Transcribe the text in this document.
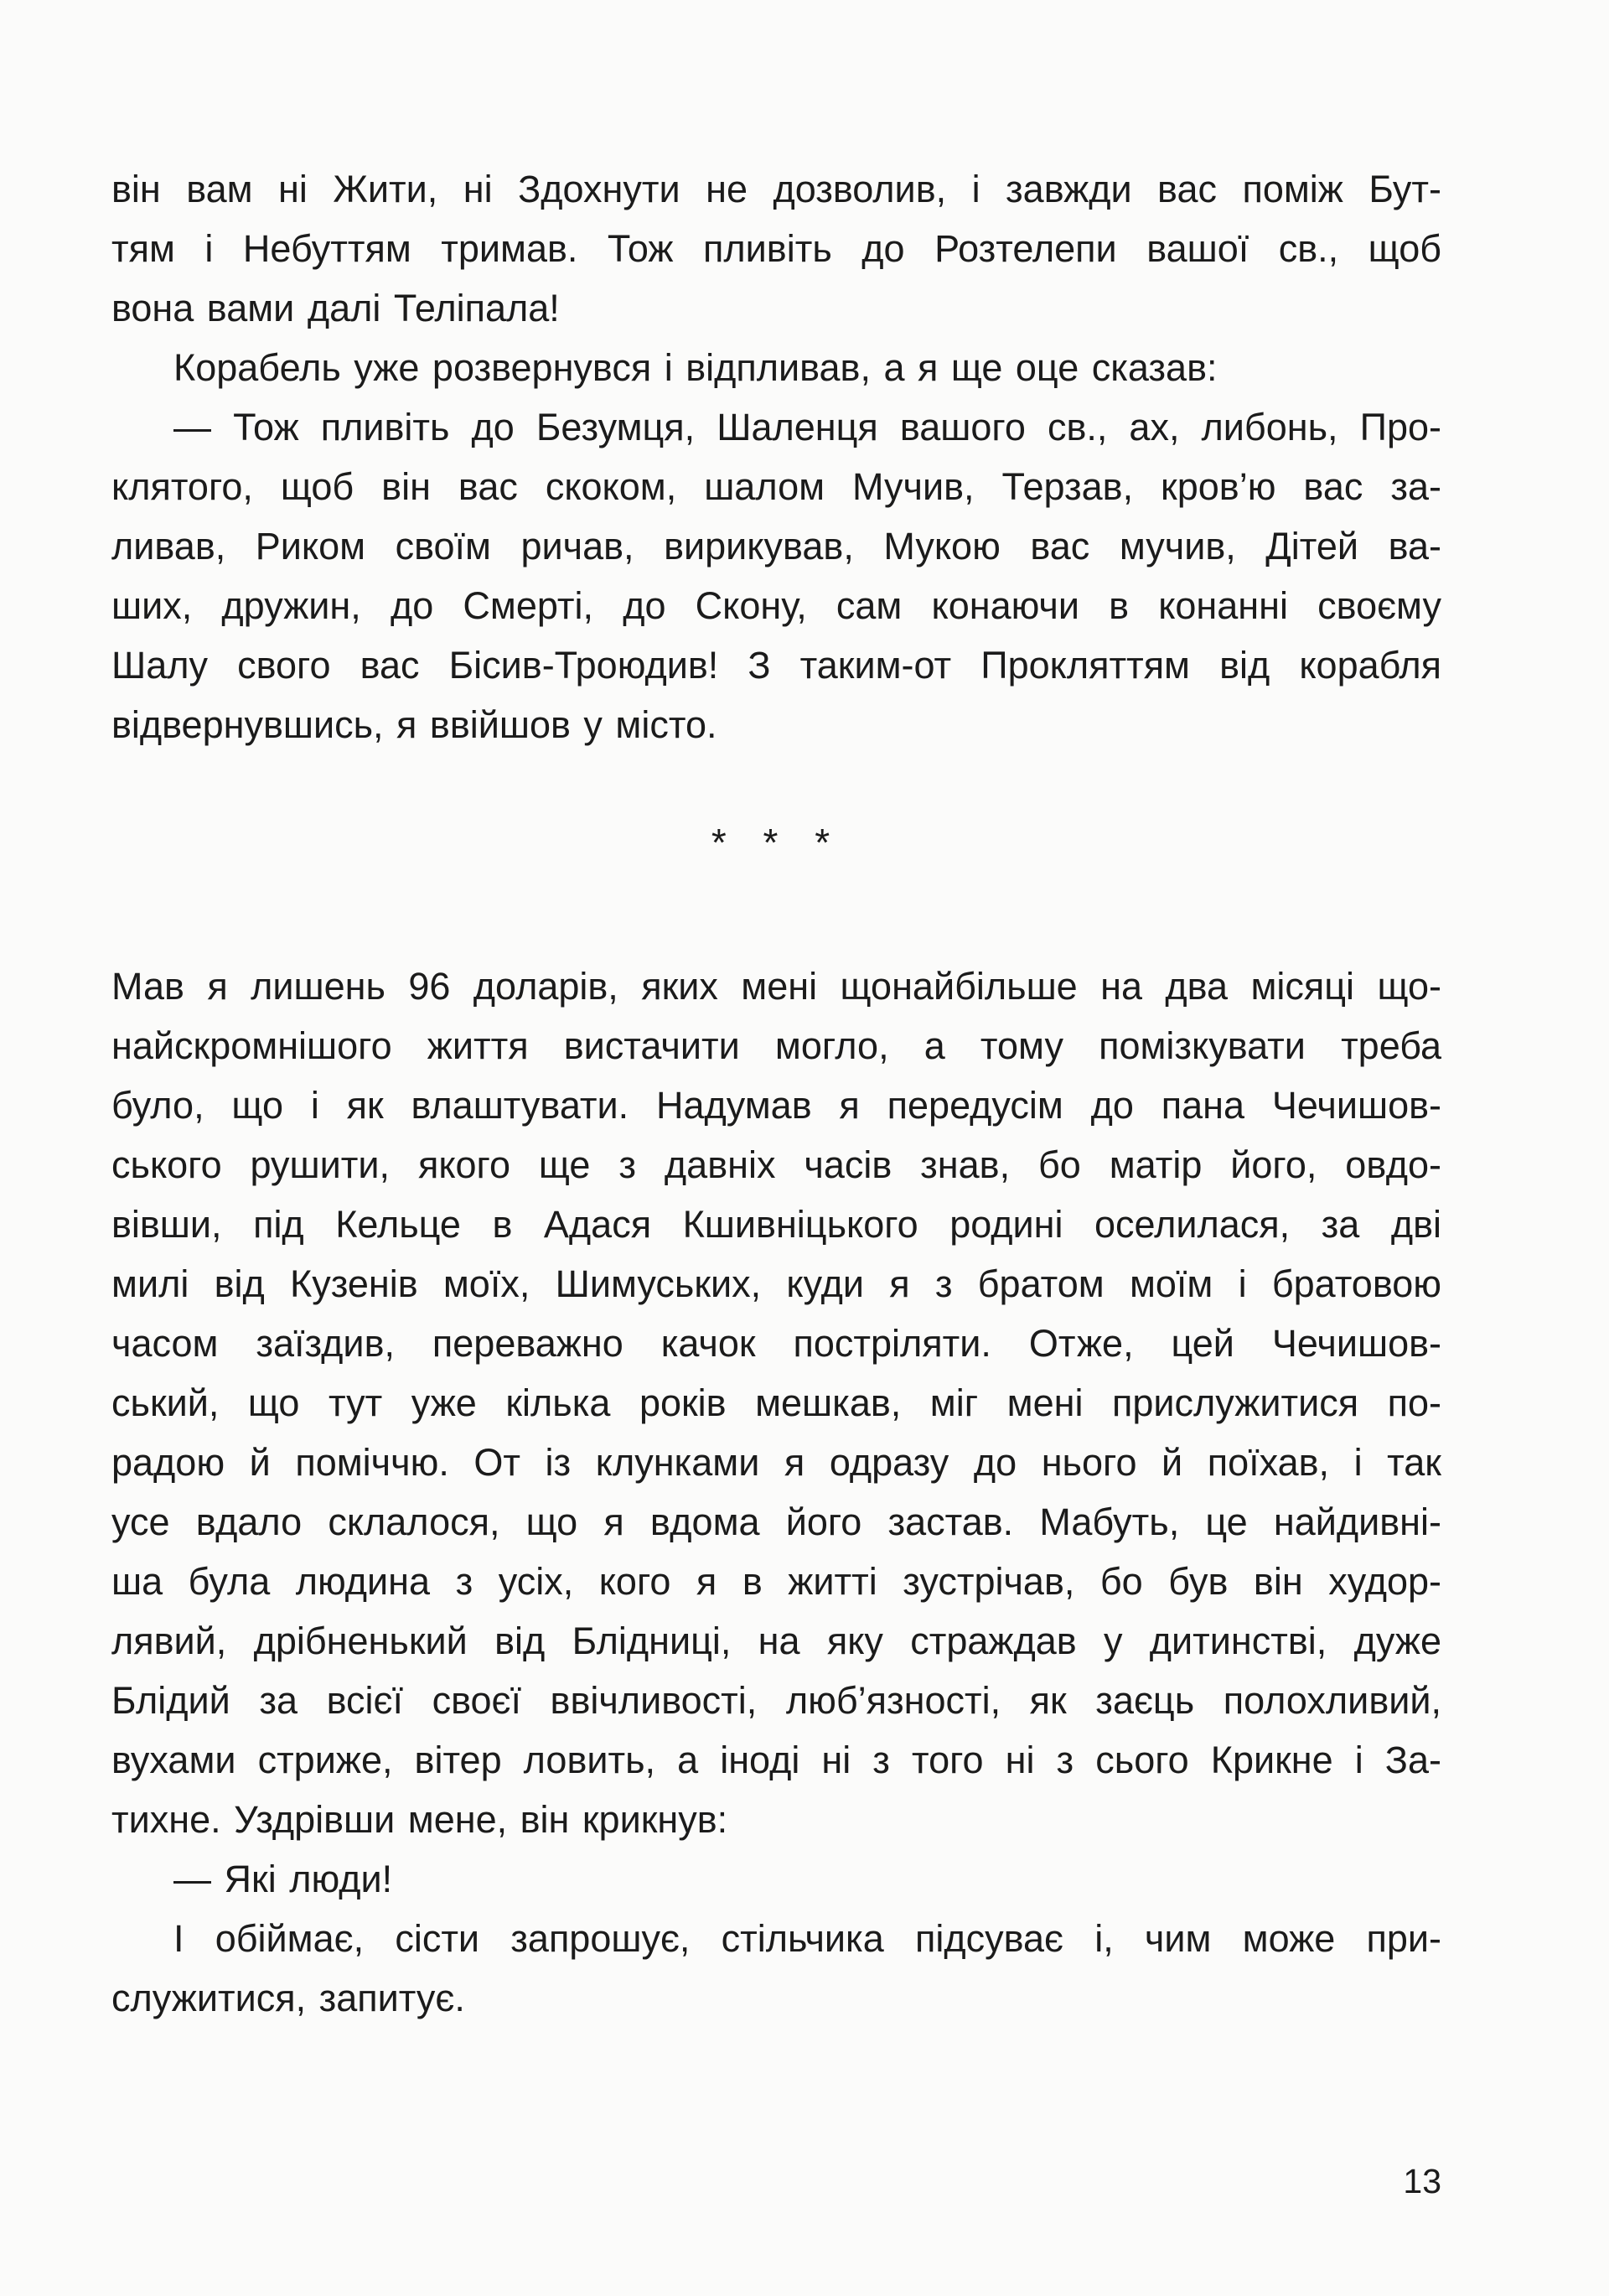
він вам ні Жити, ні Здохнути не дозволив, і завжди вас поміж Бут-
тям і Небуттям тримав. Тож пливіть до Розтелепи вашої св., щоб
вона вами далі Теліпала!
Корабель уже розвернувся і відпливав, а я ще оце сказав:
— Тож пливіть до Безумця, Шаленця вашого св., ах, либонь, Про-
клятого, щоб він вас скоком, шалом Мучив, Терзав, кров’ю вас за-
ливав, Риком своїм ричав, вирикував, Мукою вас мучив, Дітей ва-
ших, дружин, до Смерті, до Скону, сам конаючи в конанні своєму
Шалу свого вас Бісив-Троюдив! З таким-от Прокляттям від корабля
відвернувшись, я ввійшов у місто.
* * *
Мав я лишень 96 доларів, яких мені щонайбільше на два місяці що-
найскромнішого життя вистачити могло, а тому помізкувати треба
було, що і як влаштувати. Надумав я передусім до пана Чечишов-
ського рушити, якого ще з давніх часів знав, бо матір його, овдо-
вівши, під Кельце в Адася Кшивніцького родині оселилася, за дві
милі від Кузенів моїх, Шимуських, куди я з братом моїм і братовою
часом заїздив, переважно качок постріляти. Отже, цей Чечишов-
ський, що тут уже кілька років мешкав, міг мені прислужитися по-
радою й поміччю. От із клунками я одразу до нього й поїхав, і так
усе вдало склалося, що я вдома його застав. Мабуть, це найдивні-
ша була людина з усіх, кого я в житті зустрічав, бо був він худор-
лявий, дрібненький від Блідниці, на яку страждав у дитинстві, дуже
Блідий за всієї своєї ввічливості, люб’язності, як заєць полохливий,
вухами стриже, вітер ловить, а іноді ні з того ні з сього Крикне і За-
тихне. Уздрівши мене, він крикнув:
— Які люди!
І обіймає, сісти запрошує, стільчика підсуває і, чим може при-
служитися, запитує.
13
